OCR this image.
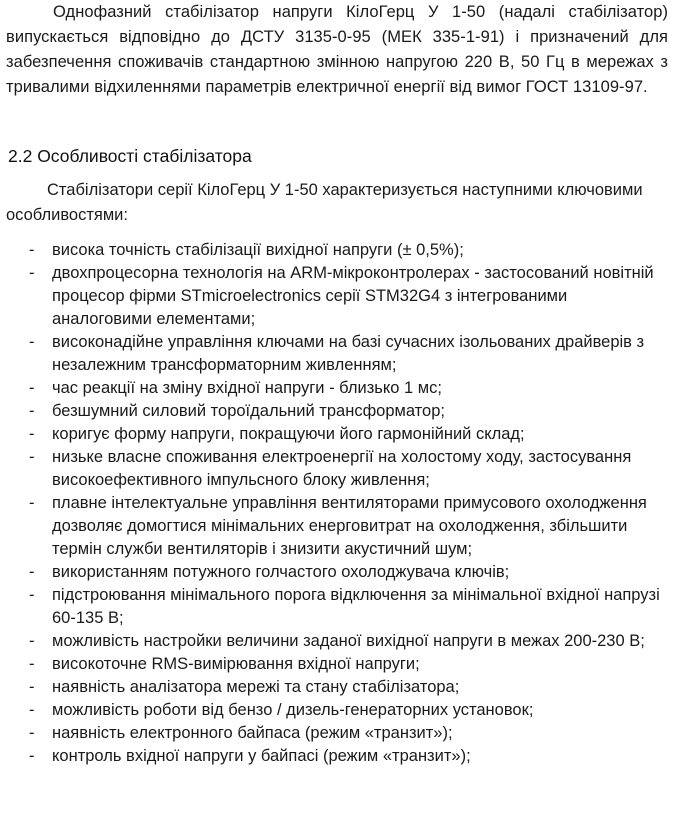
Однофазний стабілізатор напруги КілоГерц У 1-50 (надалі стабілізатор) випускається відповідно до ДСТУ 3135-0-95 (МЕК 335-1-91) і призначений для забезпечення споживачів стандартною змінною напругою 220 В, 50 Гц в мережах з тривалими відхиленнями параметрів електричної енергії від вимог ГОСТ 13109-97.

2.2 Особливості стабілізатора

Стабілізатори серії КілоГерц У 1-50 характеризується наступними ключовими особливостями:

- висока точність стабілізації вихідної напруги (± 0,5%);
- двохпроцесорна технологія на ARM-мікроконтролерах - застосований новітній процесор фірми STmicroelectronics серії STM32G4 з інтегрованими аналоговими елементами;
- високонадійне управління ключами на базі сучасних ізольованих драйверів з незалежним трансформаторним живленням;
- час реакції на зміну вхідної напруги - близько 1 мс;
- безшумний силовий тороїдальний трансформатор;
- коригує форму напруги, покращуючи його гармонійний склад;
- низьке власне споживання електроенергії на холостому ходу, застосування високоефективного імпульсного блоку живлення;
- плавне інтелектуальне управління вентиляторами примусового охолодження дозволяє домогтися мінімальних енерговитрат на охолодження, збільшити термін служби вентиляторів і знизити акустичний шум;
- використанням потужного голчастого охолоджувача ключів;
- підстроювання мінімального порога відключення за мінімальної вхідної напрузі 60-135 В;
- можливість настройки величини заданої вихідної напруги в межах 200-230 В;
- високоточне RMS-вимірювання вхідної напруги;
- наявність аналізатора мережі та стану стабілізатора;
- можливість роботи від бензо / дизель-генераторних установок;
- наявність електронного байпаса (режим «транзит»);
- контроль вхідної напруги у байпасі (режим «транзит»);
